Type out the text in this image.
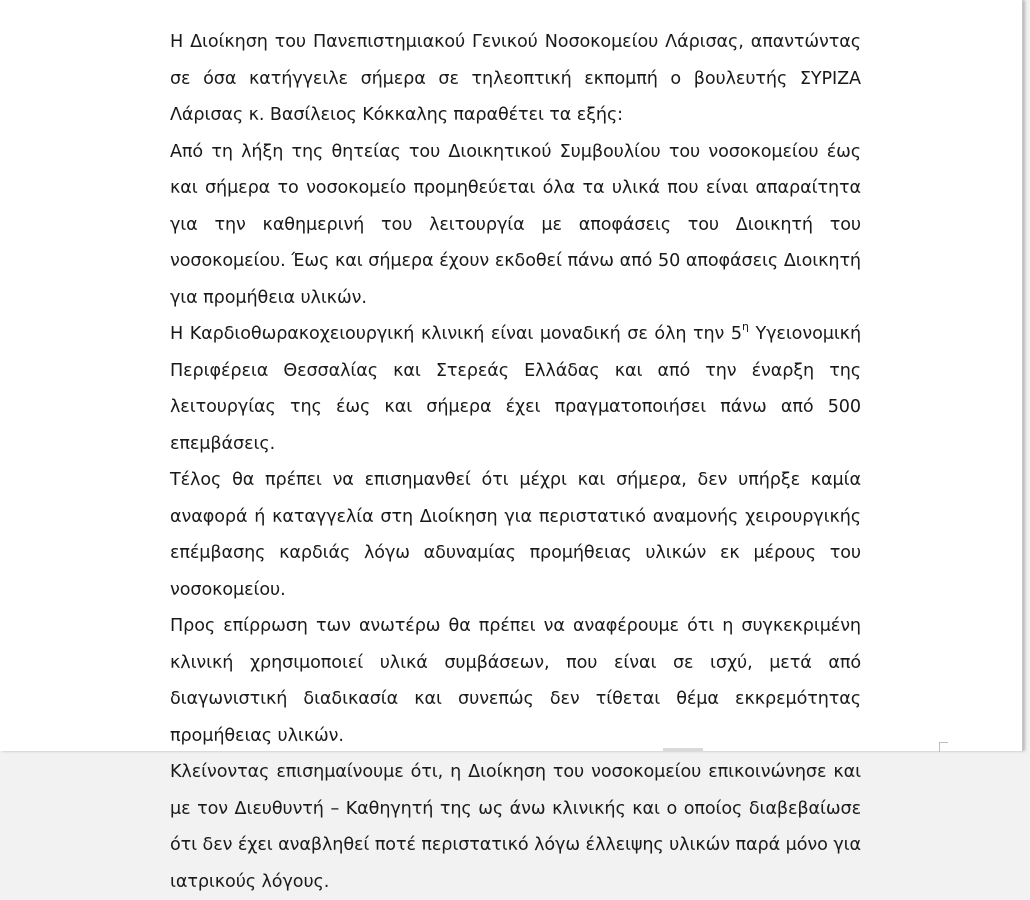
Η Διοίκηση του Πανεπιστημιακού Γενικού Νοσοκομείου Λάρισας, απαντώντας σε όσα κατήγγειλε σήμερα σε τηλεοπτική εκπομπή ο βουλευτής ΣΥΡΙΖΑ Λάρισας κ. Βασίλειος Κόκκαλης παραθέτει τα εξής:

Από τη λήξη της θητείας του Διοικητικού Συμβουλίου του νοσοκομείου έως και σήμερα το νοσοκομείο προμηθεύεται όλα τα υλικά που είναι απαραίτητα για την καθημερινή του λειτουργία με αποφάσεις του Διοικητή του νοσοκομείου. Έως και σήμερα έχουν εκδοθεί πάνω από 50 αποφάσεις Διοικητή για προμήθεια υλικών.

Η Καρδιοθωρακοχειουργική κλινική είναι μοναδική σε όλη την $5^\eta$ Υγειονομική Περιφέρεια Θεσσαλίας και Στερεάς Ελλάδας και από την έναρξη της λειτουργίας της έως και σήμερα έχει πραγματοποιήσει πάνω από 500 επεμβάσεις.

Τέλος θα πρέπει να επισημανθεί ότι μέχρι και σήμερα, δεν υπήρξε καμία αναφορά ή καταγγελία στη Διοίκηση για περιστατικό αναμονής χειρουργικής επέμβασης καρδιάς λόγω αδυναμίας προμήθειας υλικών εκ μέρους του νοσοκομείου.

Προς επίρρωση των ανωτέρω θα πρέπει να αναφέρουμε ότι η συγκεκριμένη κλινική χρησιμοποιεί υλικά συμβάσεων, που είναι σε ισχύ, μετά από διαγωνιστική διαδικασία και συνεπώς δεν τίθεται θέμα εκκρεμότητας προμήθειας υλικών.

Κλείνοντας επισημαίνουμε ότι, η Διοίκηση του νοσοκομείου επικοινώνησε και με τον Διευθυντή – Καθηγητή της ως άνω κλινικής και ο οποίος διαβεβαίωσε ότι δεν έχει αναβληθεί ποτέ περιστατικό λόγω έλλειψης υλικών παρά μόνο για ιατρικούς λόγους.
